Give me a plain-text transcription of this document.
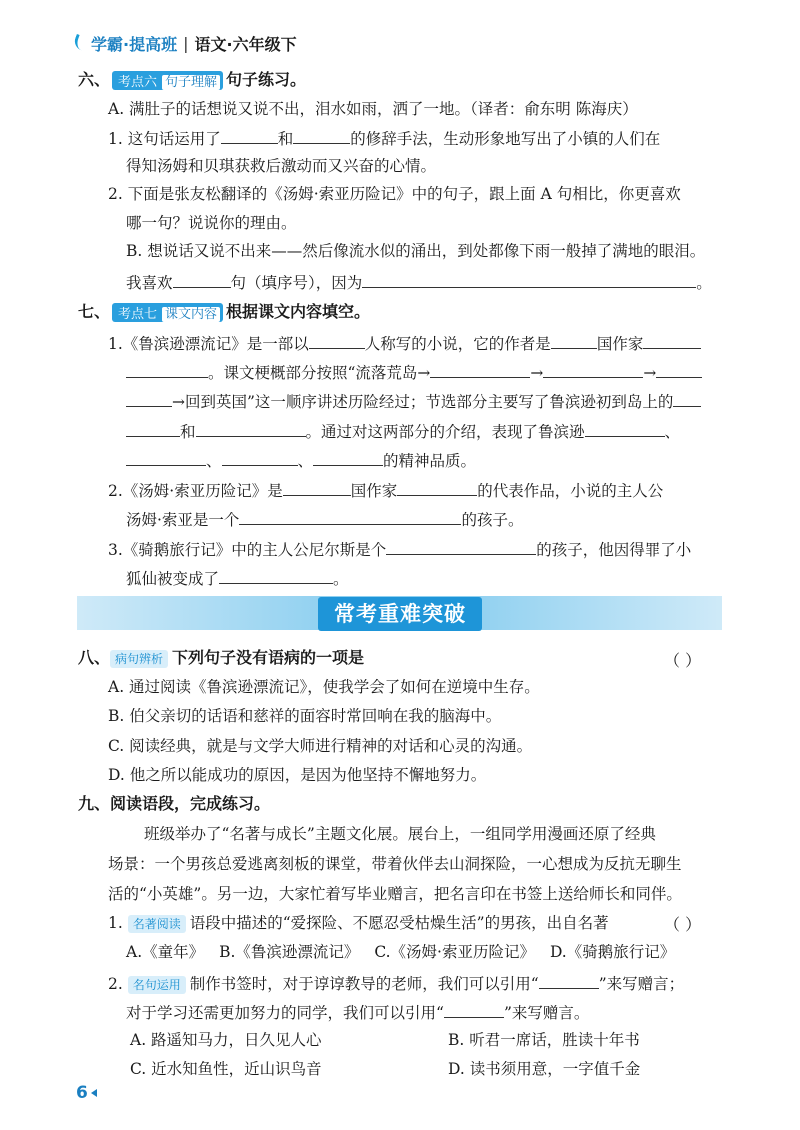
学霸·提高班 | 语文·六年级下
六、 考点六 句子理解 句子练习。
A. 满肚子的话想说又说不出，泪水如雨，洒了一地。（译者：俞东明 陈海庆）
1. 这句话运用了	和	的修辞手法，生动形象地写出了小镇的人们在
得知汤姆和贝琪获救后激动而又兴奋的心情。
2. 下面是张友松翻译的《汤姆·索亚历险记》中的句子，跟上面 A 句相比，你更喜欢
哪一句？说说你的理由。
B. 想说话又说不出来——然后像流水似的涌出，到处都像下雨一般掉了满地的眼泪。
我喜欢	句（填序号），因为	。
七、 考点七 课文内容 根据课文内容填空。
1.《鲁滨逊漂流记》是一部以	人称写的小说，它的作者是	国作家
。课文梗概部分按照“流落荒岛→	→	→
→回到英国”这一顺序讲述历险经过；节选部分主要写了鲁滨逊初到岛上的
和	。通过对这两部分的介绍，表现了鲁滨逊	、
、	、	的精神品质。
2.《汤姆·索亚历险记》是	国作家	的代表作品，小说的主人公
汤姆·索亚是一个	的孩子。
3.《骑鹅旅行记》中的主人公尼尔斯是个	的孩子，他因得罪了小
狐仙被变成了	。
常考重难突破
八、 病句辨析 下列句子没有语病的一项是	（ ）
A. 通过阅读《鲁滨逊漂流记》，使我学会了如何在逆境中生存。
B. 伯父亲切的话语和慈祥的面容时常回响在我的脑海中。
C. 阅读经典，就是与文学大师进行精神的对话和心灵的沟通。
D. 他之所以能成功的原因，是因为他坚持不懈地努力。
九、阅读语段，完成练习。
班级举办了“名著与成长”主题文化展。展台上，一组同学用漫画还原了经典
场景：一个男孩总爱逃离刻板的课堂，带着伙伴去山洞探险，一心想成为反抗无聊生
活的“小英雄”。另一边，大家忙着写毕业赠言，把名言印在书签上送给师长和同伴。
1. 名著阅读 语段中描述的“爱探险、不愿忍受枯燥生活”的男孩，出自名著	（ ）
A.《童年》 B.《鲁滨逊漂流记》 C.《汤姆·索亚历险记》 D.《骑鹅旅行记》
2. 名句运用 制作书签时，对于谆谆教导的老师，我们可以引用“	”来写赠言；
对于学习还需更加努力的同学，我们可以引用“	”来写赠言。
A. 路遥知马力，日久见人心	B. 听君一席话，胜读十年书
C. 近水知鱼性，近山识鸟音	D. 读书须用意，一字值千金
6
